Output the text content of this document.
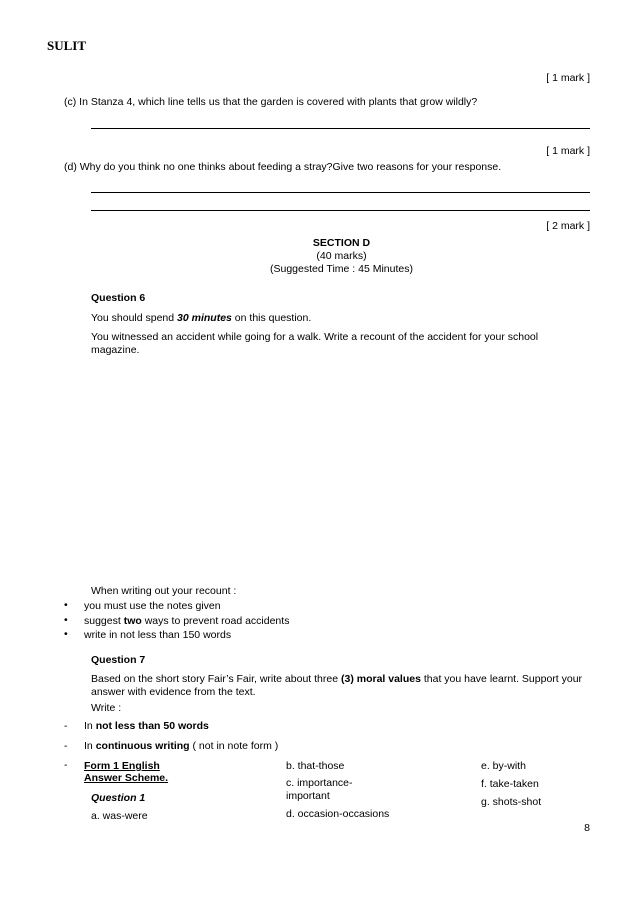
SULIT
[ 1 mark ]
(c) In Stanza 4, which line tells us that the garden is covered with plants that grow wildly?
[ 1 mark ]
(d) Why do you think no one thinks about feeding a stray?Give two reasons for your response.
[ 2 mark ]
SECTION D
(40 marks)
(Suggested Time : 45 Minutes)
Question 6
You should spend 30 minutes on this question.
You witnessed an accident while going for a walk. Write a recount of the accident for your school magazine.
When writing out your recount :
• you must use the notes given
• suggest two ways to prevent road accidents
• write in not less than 150 words
Question 7
Based on the short story Fair’s Fair, write about three (3) moral values that you have learnt. Support your answer with evidence from the text.
Write :
- In not less than 50 words
- In continuous writing ( not in note form )
- Form 1 English
Answer Scheme.
Question 1
a. was-were
b. that-those
c. importance-important
d. occasion-occasions
e. by-with
f. take-taken
g. shots-shot
8
